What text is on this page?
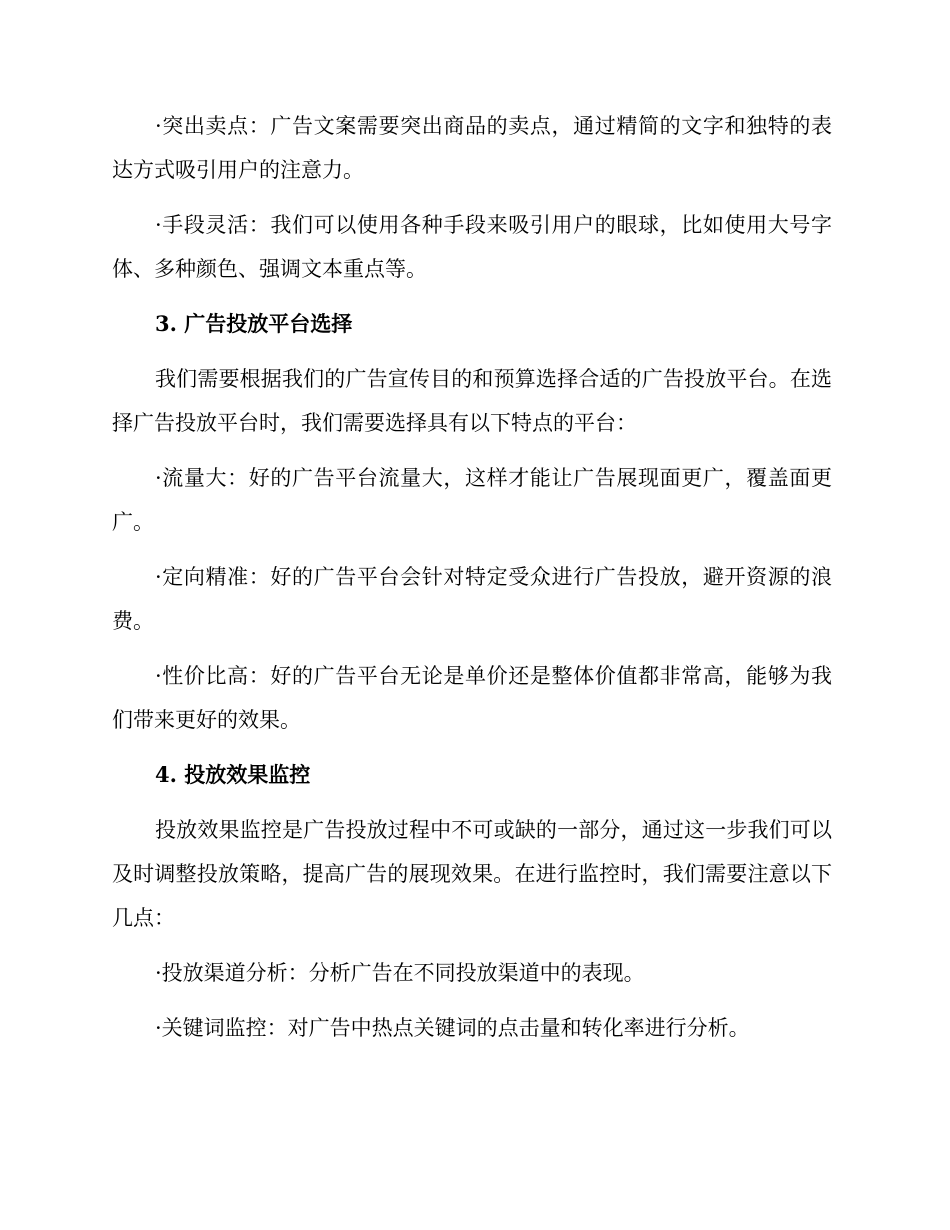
·突出卖点：广告文案需要突出商品的卖点，通过精简的文字和独特的表达方式吸引用户的注意力。

·手段灵活：我们可以使用各种手段来吸引用户的眼球，比如使用大号字体、多种颜色、强调文本重点等。

3. 广告投放平台选择

我们需要根据我们的广告宣传目的和预算选择合适的广告投放平台。在选择广告投放平台时，我们需要选择具有以下特点的平台：

·流量大：好的广告平台流量大，这样才能让广告展现面更广，覆盖面更广。

·定向精准：好的广告平台会针对特定受众进行广告投放，避开资源的浪费。

·性价比高：好的广告平台无论是单价还是整体价值都非常高，能够为我们带来更好的效果。

4. 投放效果监控

投放效果监控是广告投放过程中不可或缺的一部分，通过这一步我们可以及时调整投放策略，提高广告的展现效果。在进行监控时，我们需要注意以下几点：

·投放渠道分析：分析广告在不同投放渠道中的表现。

·关键词监控：对广告中热点关键词的点击量和转化率进行分析。
